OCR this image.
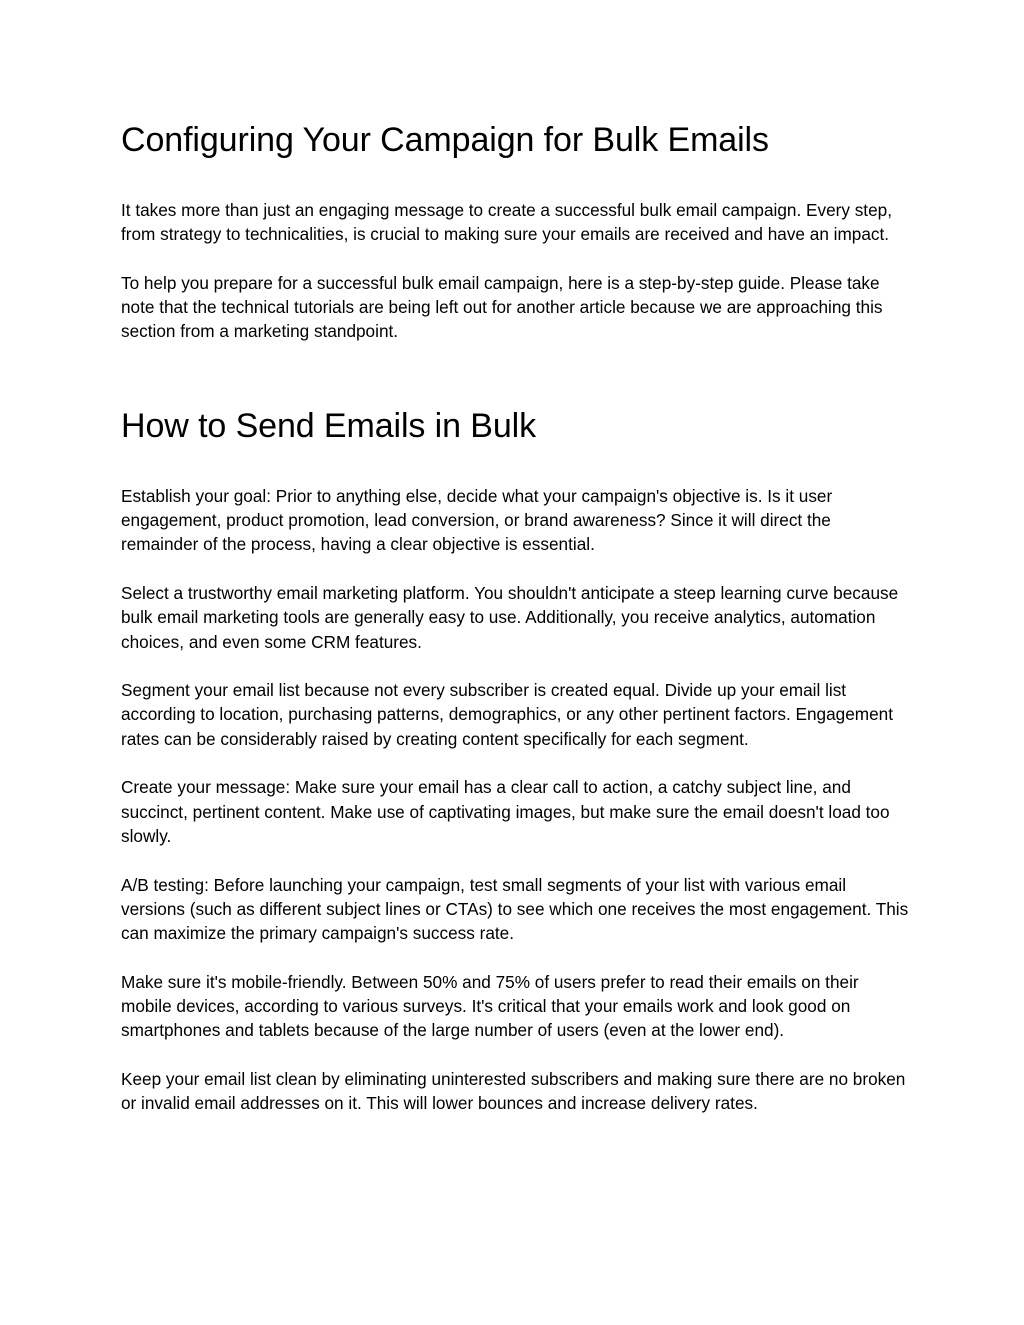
Configuring Your Campaign for Bulk Emails

It takes more than just an engaging message to create a successful bulk email campaign. Every step, from strategy to technicalities, is crucial to making sure your emails are received and have an impact.

To help you prepare for a successful bulk email campaign, here is a step-by-step guide. Please take note that the technical tutorials are being left out for another article because we are approaching this section from a marketing standpoint.

How to Send Emails in Bulk

Establish your goal: Prior to anything else, decide what your campaign's objective is. Is it user engagement, product promotion, lead conversion, or brand awareness? Since it will direct the remainder of the process, having a clear objective is essential.

Select a trustworthy email marketing platform. You shouldn't anticipate a steep learning curve because bulk email marketing tools are generally easy to use. Additionally, you receive analytics, automation choices, and even some CRM features.

Segment your email list because not every subscriber is created equal. Divide up your email list according to location, purchasing patterns, demographics, or any other pertinent factors. Engagement rates can be considerably raised by creating content specifically for each segment.

Create your message: Make sure your email has a clear call to action, a catchy subject line, and succinct, pertinent content. Make use of captivating images, but make sure the email doesn't load too slowly.

A/B testing: Before launching your campaign, test small segments of your list with various email versions (such as different subject lines or CTAs) to see which one receives the most engagement. This can maximize the primary campaign's success rate.

Make sure it's mobile-friendly. Between 50% and 75% of users prefer to read their emails on their mobile devices, according to various surveys. It's critical that your emails work and look good on smartphones and tablets because of the large number of users (even at the lower end).

Keep your email list clean by eliminating uninterested subscribers and making sure there are no broken or invalid email addresses on it. This will lower bounces and increase delivery rates.
